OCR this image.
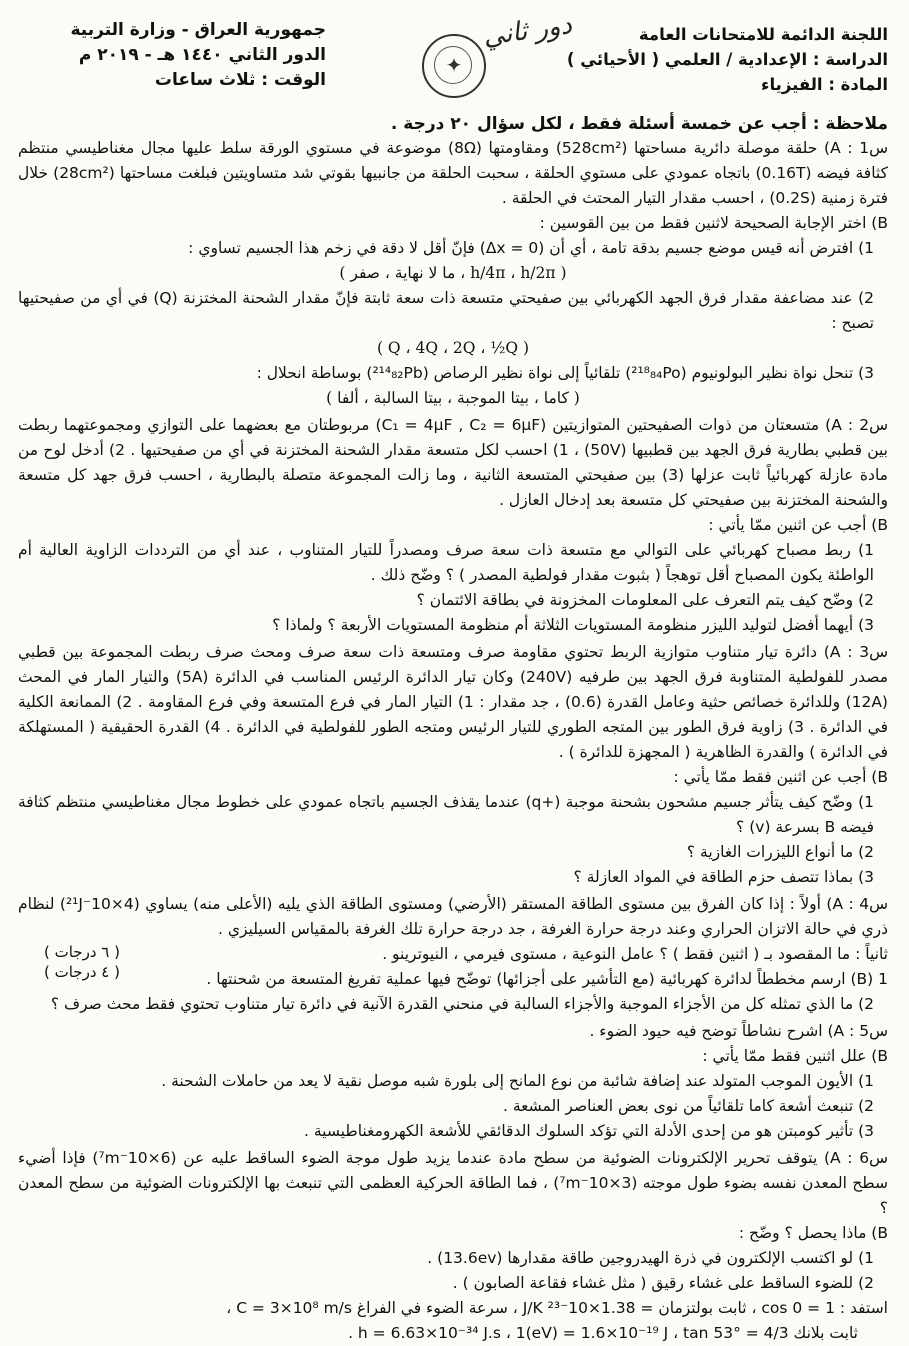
اللجنة الدائمة للامتحانات العامة
الدراسة : الإعدادية / العلمي ( الأحيائي )
المادة : الفيزياء
✦
دور ثاني
جمهورية العراق - وزارة التربية
الدور الثاني ١٤٤٠ هـ - ٢٠١٩ م
الوقت : ثلاث ساعات
ملاحظة : أجب عن خمسة أسئلة فقط ، لكل سؤال ٢٠ درجة .

س1 : A) حلقة موصلة دائرية مساحتها (528cm²) ومقاومتها (8Ω) موضوعة في مستوي الورقة سلط عليها مجال مغناطيسي منتظم كثافة فيضه (0.16T) باتجاه عمودي على مستوي الحلقة ، سحبت الحلقة من جانبيها بقوتي شد متساويتين فبلغت مساحتها (28cm²) خلال فترة زمنية (0.2S) ، احسب مقدار التيار المحتث في الحلقة .

B) اختر الإجابة الصحيحة لاثنين فقط من بين القوسين :

1) افترض أنه قيس موضع جسيم بدقة تامة ، أي أن (Δx = 0) فإنّ أقل لا دقة في زخم هذا الجسيم تساوي :

( h/4π ، h/2π ، ما لا نهاية ، صفر )

2) عند مضاعفة مقدار فرق الجهد الكهربائي بين صفيحتي متسعة ذات سعة ثابتة فإنّ مقدار الشحنة المختزنة (Q) في أي من صفيحتيها تصبح :

( Q ، 4Q ، 2Q ، ½Q )

3) تنحل نواة نظير البولونيوم (²¹⁸₈₄Po) تلقائياً إلى نواة نظير الرصاص (²¹⁴₈₂Pb) بوساطة انحلال :

( كاما ، بيتا الموجبة ، بيتا السالبة ، ألفا )

س2 : A) متسعتان من ذوات الصفيحتين المتوازيتين (C₁ = 4μF , C₂ = 6μF) مربوطتان مع بعضهما على التوازي ومجموعتهما ربطت بين قطبي بطارية فرق الجهد بين قطبيها (50V) ، 1) احسب لكل متسعة مقدار الشحنة المختزنة في أي من صفيحتيها . 2) أدخل لوح من مادة عازلة كهربائياً ثابت عزلها (3) بين صفيحتي المتسعة الثانية ، وما زالت المجموعة متصلة بالبطارية ، احسب فرق جهد كل متسعة والشحنة المختزنة بين صفيحتي كل متسعة بعد إدخال العازل .

B) أجب عن اثنين ممّا يأتي :

1) ربط مصباح كهربائي على التوالي مع متسعة ذات سعة صرف ومصدراً للتيار المتناوب ، عند أي من الترددات الزاوية العالية أم الواطئة يكون المصباح أقل توهجاً ( بثبوت مقدار فولطية المصدر ) ؟ وضّح ذلك .

2) وضّح كيف يتم التعرف على المعلومات المخزونة في بطاقة الائتمان ؟

3) أيهما أفضل لتوليد الليزر منظومة المستويات الثلاثة أم منظومة المستويات الأربعة ؟ ولماذا ؟

س3 : A) دائرة تيار متناوب متوازية الربط تحتوي مقاومة صرف ومتسعة ذات سعة صرف ومحث صرف ربطت المجموعة بين قطبي مصدر للفولطية المتناوبة فرق الجهد بين طرفيه (240V) وكان تيار الدائرة الرئيس المناسب في الدائرة (5A) والتيار المار في المحث (12A) وللدائرة خصائص حثية وعامل القدرة (0.6) ، جد مقدار : 1) التيار المار في فرع المتسعة وفي فرع المقاومة . 2) الممانعة الكلية في الدائرة . 3) زاوية فرق الطور بين المتجه الطوري للتيار الرئيس ومتجه الطور للفولطية في الدائرة . 4) القدرة الحقيقية ( المستهلكة في الدائرة ) والقدرة الظاهرية ( المجهزة للدائرة ) .

B) أجب عن اثنين فقط ممّا يأتي :

1) وضّح كيف يتأثر جسيم مشحون بشحنة موجبة (+q) عندما يقذف الجسيم باتجاه عمودي على خطوط مجال مغناطيسي منتظم كثافة فيضه B بسرعة (v) ؟

2) ما أنواع الليزرات الغازية ؟

3) بماذا تتصف حزم الطاقة في المواد العازلة ؟

س4 : A) أولاً : إذا كان الفرق بين مستوى الطاقة المستقر (الأرضي) ومستوى الطاقة الذي يليه (الأعلى منه) يساوي (4×10⁻²¹J) لنظام ذري في حالة الاتزان الحراري وعند درجة حرارة الغرفة ، جد درجة حرارة تلك الغرفة بالمقياس السيليزي .

ثانياً : ما المقصود بـ ( اثنين فقط ) ؟ عامل النوعية ، مستوى فيرمي ، النيوترينو .

( ٦ درجات )
( ٤ درجات )	B) 1) ارسم مخططاً لدائرة كهربائية (مع التأشير على أجزائها) توضّح فيها عملية تفريغ المتسعة من شحنتها .

2) ما الذي تمثله كل من الأجزاء الموجبة والأجزاء السالبة في منحني القدرة الآنية في دائرة تيار متناوب تحتوي فقط محث صرف ؟

س5 : A) اشرح نشاطاً توضح فيه حيود الضوء .

B) علل اثنين فقط ممّا يأتي :

1) الأيون الموجب المتولد عند إضافة شائبة من نوع المانح إلى بلورة شبه موصل نقية لا يعد من حاملات الشحنة .

2) تنبعث أشعة كاما تلقائياً من نوى بعض العناصر المشعة .

3) تأثير كومبتن هو من إحدى الأدلة التي تؤكد السلوك الدقائقي للأشعة الكهرومغناطيسية .

س6 : A) يتوقف تحرير الإلكترونات الضوئية من سطح مادة عندما يزيد طول موجة الضوء الساقط عليه عن (6×10⁻⁷m) فإذا أضيء سطح المعدن نفسه بضوء طول موجته (3×10⁻⁷m) ، فما الطاقة الحركية العظمى التي تنبعث بها الإلكترونات الضوئية من سطح المعدن ؟

B) ماذا يحصل ؟ وضّح :

1) لو اكتسب الإلكترون في ذرة الهيدروجين طاقة مقدارها (13.6ev) .

2) للضوء الساقط على غشاء رقيق ( مثل غشاء فقاعة الصابون ) .

استفد : cos 0 = 1 ، ثابت بولتزمان = 1.38×10⁻²³ J/K ، سرعة الضوء في الفراغ C = 3×10⁸ m/s ،

ثابت بلانك h = 6.63×10⁻³⁴ J.s ، 1(eV) = 1.6×10⁻¹⁹ J ، tan 53° = 4/3 .
